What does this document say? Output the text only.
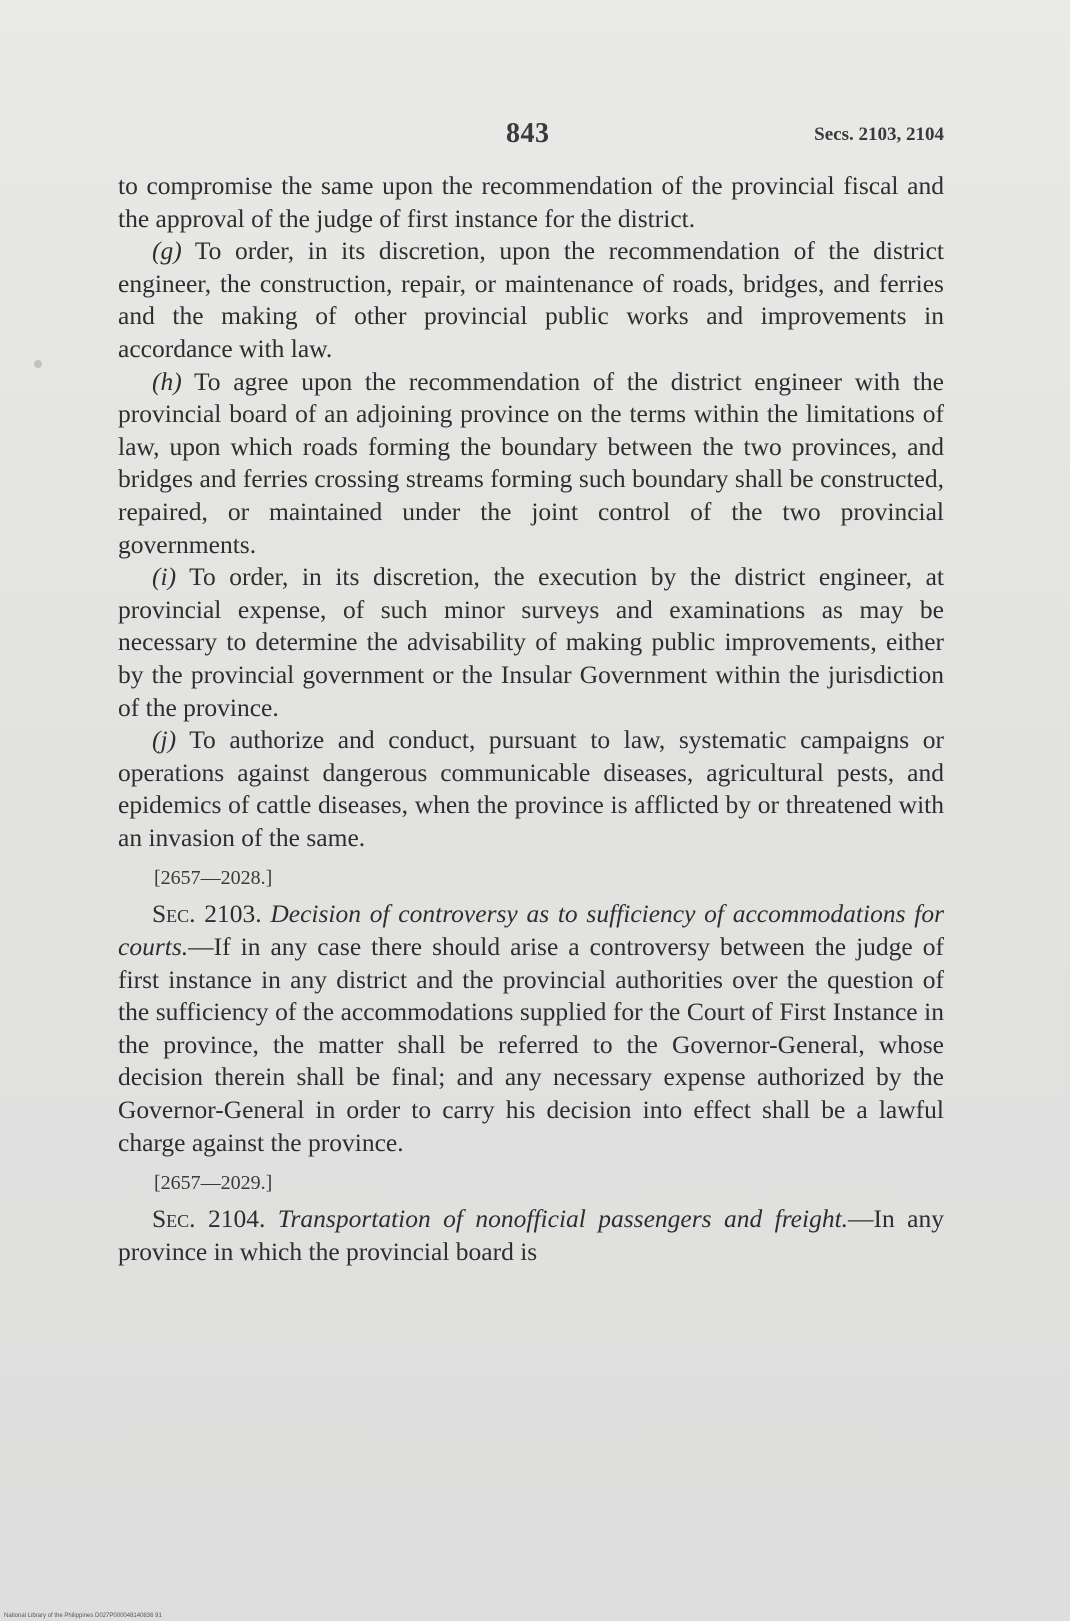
843	Secs. 2103, 2104

to compromise the same upon the recommendation of the provincial fiscal and the approval of the judge of first instance for the district.

(g) To order, in its discretion, upon the recommendation of the district engineer, the construction, repair, or maintenance of roads, bridges, and ferries and the making of other provincial public works and improvements in accordance with law.

(h) To agree upon the recommendation of the district engineer with the provincial board of an adjoining province on the terms within the limitations of law, upon which roads forming the boundary between the two provinces, and bridges and ferries crossing streams forming such boundary shall be constructed, repaired, or maintained under the joint control of the two provincial governments.

(i) To order, in its discretion, the execution by the district engineer, at provincial expense, of such minor surveys and examinations as may be necessary to determine the advisability of making public improvements, either by the provincial government or the Insular Government within the jurisdiction of the province.

(j) To authorize and conduct, pursuant to law, systematic campaigns or operations against dangerous communicable diseases, agricultural pests, and epidemics of cattle diseases, when the province is afflicted by or threatened with an invasion of the same.

[2657—2028.]

Sec. 2103. Decision of controversy as to sufficiency of accommodations for courts.—If in any case there should arise a controversy between the judge of first instance in any district and the provincial authorities over the question of the sufficiency of the accommodations supplied for the Court of First Instance in the province, the matter shall be referred to the Governor-General, whose decision therein shall be final; and any necessary expense authorized by the Governor-General in order to carry his decision into effect shall be a lawful charge against the province.

[2657—2029.]

Sec. 2104. Transportation of nonofficial passengers and freight.—In any province in which the provincial board is

National Library of the Philippines D027P000048140836 91
